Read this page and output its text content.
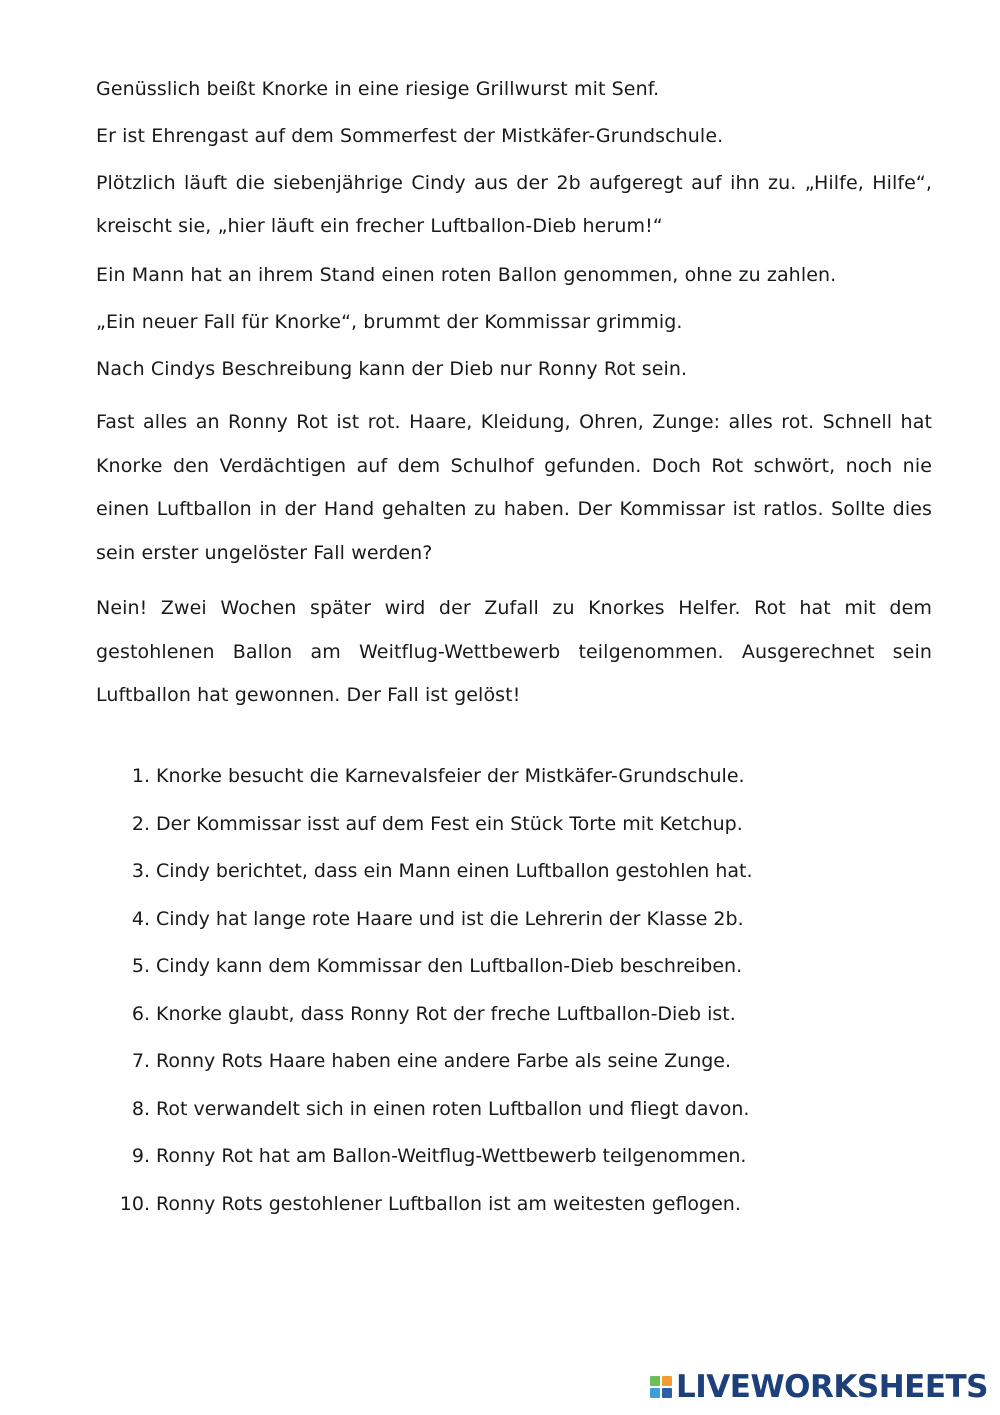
Genüsslich beißt Knorke in eine riesige Grillwurst mit Senf.

Er ist Ehrengast auf dem Sommerfest der Mistkäfer-Grundschule.

Plötzlich läuft die siebenjährige Cindy aus der 2b aufgeregt auf ihn zu. „Hilfe, Hilfe“, kreischt sie, „hier läuft ein frecher Luftballon-Dieb herum!“

Ein Mann hat an ihrem Stand einen roten Ballon genommen, ohne zu zahlen.

„Ein neuer Fall für Knorke“, brummt der Kommissar grimmig.

Nach Cindys Beschreibung kann der Dieb nur Ronny Rot sein.

Fast alles an Ronny Rot ist rot. Haare, Kleidung, Ohren, Zunge: alles rot. Schnell hat Knorke den Verdächtigen auf dem Schulhof gefunden. Doch Rot schwört, noch nie einen Luftballon in der Hand gehalten zu haben. Der Kommissar ist ratlos. Sollte dies sein erster ungelöster Fall werden?

Nein! Zwei Wochen später wird der Zufall zu Knorkes Helfer. Rot hat mit dem gestohlenen Ballon am Weitflug-Wettbewerb teilgenommen. Ausgerechnet sein Luftballon hat gewonnen. Der Fall ist gelöst!

1. Knorke besucht die Karnevalsfeier der Mistkäfer-Grundschule.
2. Der Kommissar isst auf dem Fest ein Stück Torte mit Ketchup.
3. Cindy berichtet, dass ein Mann einen Luftballon gestohlen hat.
4. Cindy hat lange rote Haare und ist die Lehrerin der Klasse 2b.
5. Cindy kann dem Kommissar den Luftballon-Dieb beschreiben.
6. Knorke glaubt, dass Ronny Rot der freche Luftballon-Dieb ist.
7. Ronny Rots Haare haben eine andere Farbe als seine Zunge.
8. Rot verwandelt sich in einen roten Luftballon und fliegt davon.
9. Ronny Rot hat am Ballon-Weitflug-Wettbewerb teilgenommen.
10. Ronny Rots gestohlener Luftballon ist am weitesten geflogen.
LIVEWORKSHEETS
